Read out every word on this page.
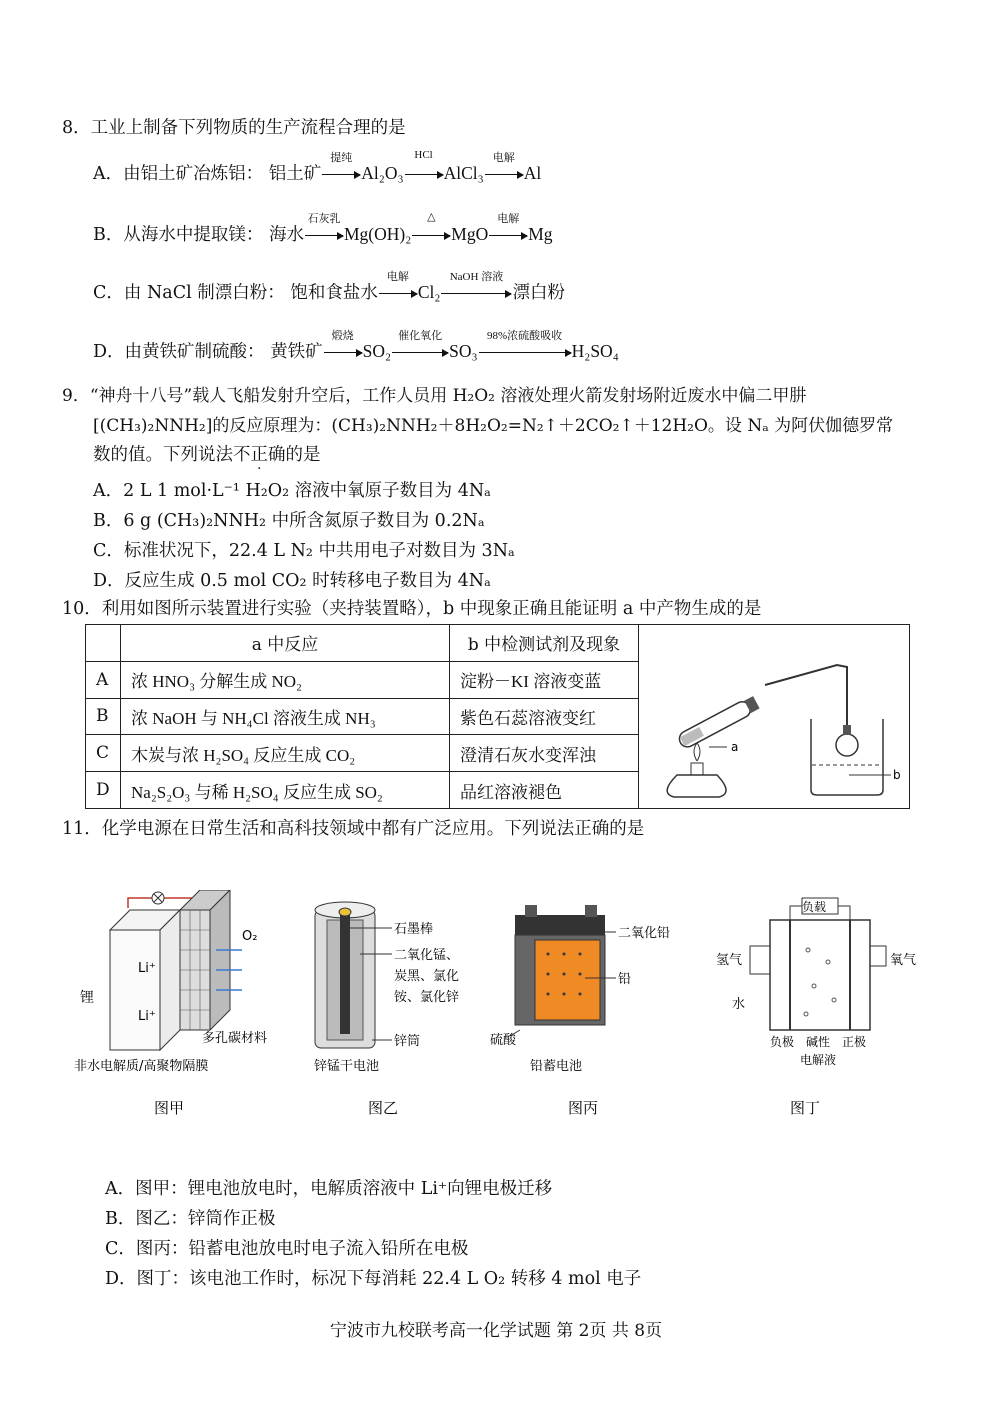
8．工业上制备下列物质的生产流程合理的是
A．由铝土矿冶炼铝： 铝土矿
提纯
Al₂O₃
HCl
AlCl₃
电解
Al
B．从海水中提取镁： 海水
石灰乳
Mg(OH)₂
△
MgO
电解
Mg
C．由 NaCl 制漂白粉： 饱和食盐水
电解
Cl₂
NaOH 溶液
漂白粉
D．由黄铁矿制硫酸： 黄铁矿
煅烧
SO₂
催化氧化
SO₃
98%浓硫酸吸收
H₂SO₄
9．“神舟十八号”载人飞船发射升空后，工作人员用 H₂O₂ 溶液处理火箭发射场附近废水中偏二甲肼
[(CH₃)₂NNH₂]的反应原理为：(CH₃)₂NNH₂＋8H₂O₂=N₂↑＋2CO₂↑＋12H₂O。设 Nₐ 为阿伏伽德罗常
数的值。下列说法不正确的是
A．2 L 1 mol·L⁻¹ H₂O₂ 溶液中氧原子数目为 4Nₐ
B．6 g (CH₃)₂NNH₂ 中所含氮原子数目为 0.2Nₐ
C．标准状况下，22.4 L N₂ 中共用电子对数目为 3Nₐ
D．反应生成 0.5 mol CO₂ 时转移电子数目为 4Nₐ
10．利用如图所示装置进行实验（夹持装置略），b 中现象正确且能证明 a 中产物生成的是
	a 中反应	b 中检测试剂及现象	a
b

A	浓 HNO₃ 分解生成 NO₂	淀粉－KI 溶液变蓝	
B	浓 NaOH 与 NH₄Cl 溶液生成 NH₃	紫色石蕊溶液变红	
C	木炭与浓 H₂SO₄ 反应生成 CO₂	澄清石灰水变浑浊	
D	Na₂S₂O₃ 与稀 H₂SO₄ 反应生成 SO₂	品红溶液褪色	
11．化学电源在日常生活和高科技领域中都有广泛应用。下列说法正确的是
Li⁺
Li⁺
锂
O₂
多孔碳材料
非水电解质/高聚物隔膜
图甲
石墨棒
二氧化锰、
炭黑、氯化
铵、氯化锌
锌筒
锌锰干电池
图乙
二氧化铅
铅
硫酸
铅蓄电池
图丙
负载
氢气	氧气
水
负极	正极
碱性
电解液
图丁
A．图甲：锂电池放电时，电解质溶液中 Li⁺向锂电极迁移
B．图乙：锌筒作正极
C．图丙：铅蓄电池放电时电子流入铅所在电极
D．图丁：该电池工作时，标况下每消耗 22.4 L O₂ 转移 4 mol 电子
宁波市九校联考高一化学试题 第 2页 共 8页
